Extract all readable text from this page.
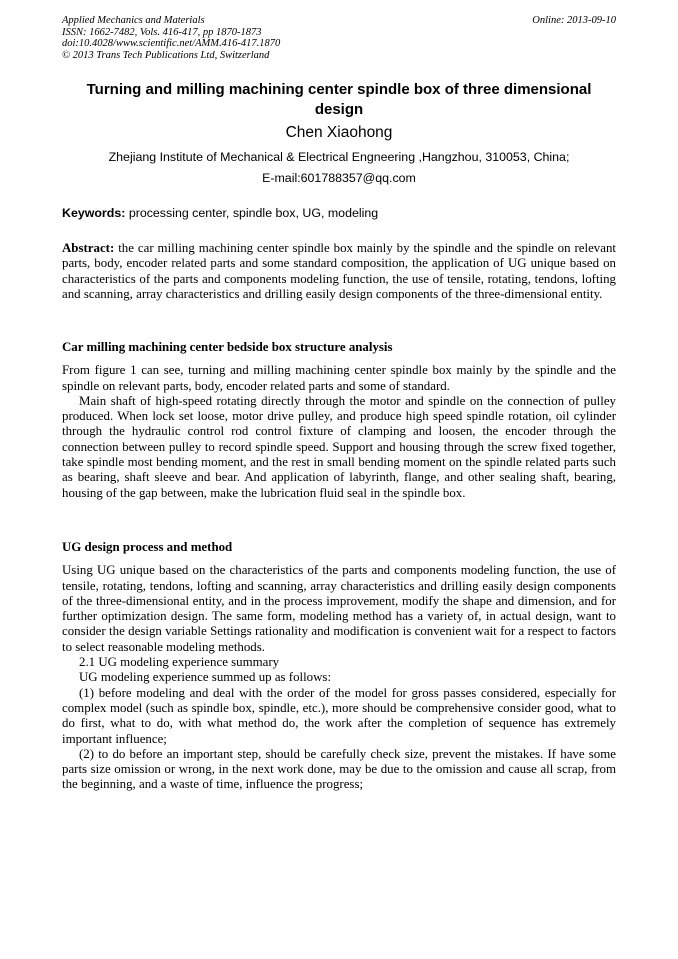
Applied Mechanics and Materials
ISSN: 1662-7482, Vols. 416-417, pp 1870-1873
doi:10.4028/www.scientific.net/AMM.416-417.1870
© 2013 Trans Tech Publications Ltd, Switzerland
Online: 2013-09-10
Turning and milling machining center spindle box of three dimensional design
Chen Xiaohong
Zhejiang Institute of Mechanical & Electrical Engneering ,Hangzhou, 310053, China;
E-mail:601788357@qq.com
Keywords: processing center, spindle box, UG, modeling

Abstract: the car milling machining center spindle box mainly by the spindle and the spindle on relevant parts, body, encoder related parts and some standard composition, the application of UG unique based on characteristics of the parts and components modeling function, the use of tensile, rotating, tendons, lofting and scanning, array characteristics and drilling easily design components of the three-dimensional entity.

Car milling machining center bedside box structure analysis

From figure 1 can see, turning and milling machining center spindle box mainly by the spindle and the spindle on relevant parts, body, encoder related parts and some of standard.

Main shaft of high-speed rotating directly through the motor and spindle on the connection of pulley produced. When lock set loose, motor drive pulley, and produce high speed spindle rotation, oil cylinder through the hydraulic control rod control fixture of clamping and loosen, the encoder through the connection between pulley to record spindle speed. Support and housing through the screw fixed together, take spindle most bending moment, and the rest in small bending moment on the spindle related parts such as bearing, shaft sleeve and bear. And application of labyrinth, flange, and other sealing shaft, bearing, housing of the gap between, make the lubrication fluid seal in the spindle box.

UG design process and method

Using UG unique based on the characteristics of the parts and components modeling function, the use of tensile, rotating, tendons, lofting and scanning, array characteristics and drilling easily design components of the three-dimensional entity, and in the process improvement, modify the shape and dimension, and for further optimization design. The same form, modeling method has a variety of, in actual design, want to consider the design variable Settings rationality and modification is convenient wait for a respect to factors to select reasonable modeling methods.

2.1 UG modeling experience summary

UG modeling experience summed up as follows:

(1) before modeling and deal with the order of the model for gross passes considered, especially for complex model (such as spindle box, spindle, etc.), more should be comprehensive consider good, what to do first, what to do, with what method do, the work after the completion of sequence has extremely important influence;

(2) to do before an important step, should be carefully check size, prevent the mistakes. If have some parts size omission or wrong, in the next work done, may be due to the omission and cause all scrap, from the beginning, and a waste of time, influence the progress;
